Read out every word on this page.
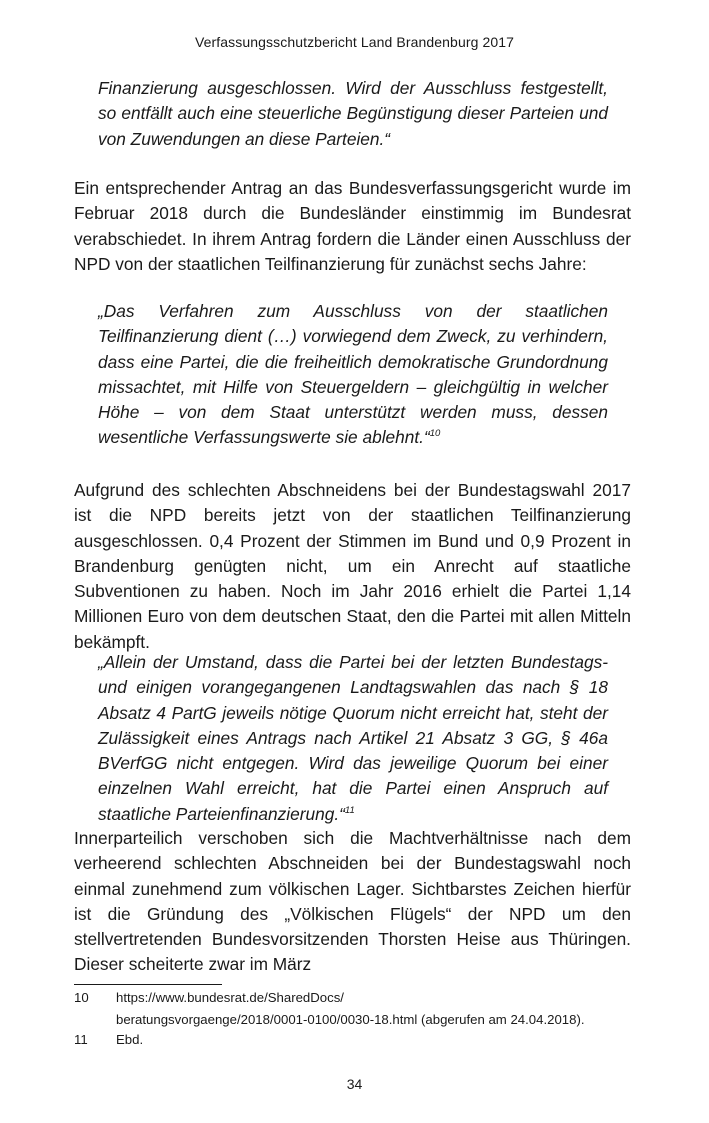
Verfassungsschutzbericht Land Brandenburg 2017

Finanzierung ausgeschlossen. Wird der Ausschluss festgestellt, so entfällt auch eine steuerliche Begünstigung dieser Parteien und von Zuwendungen an diese Parteien.“

Ein entsprechender Antrag an das Bundesverfassungsgericht wurde im Februar 2018 durch die Bundesländer einstimmig im Bundesrat verabschiedet. In ihrem Antrag fordern die Länder einen Ausschluss der NPD von der staatlichen Teilfinanzierung für zunächst sechs Jahre:

„Das Verfahren zum Ausschluss von der staatlichen Teilfinanzierung dient (…) vorwiegend dem Zweck, zu verhindern, dass eine Partei, die die freiheitlich demokratische Grundordnung missachtet, mit Hilfe von Steuergeldern – gleichgültig in welcher Höhe – von dem Staat unterstützt werden muss, dessen wesentliche Verfassungswerte sie ablehnt.“$^{10}$

Aufgrund des schlechten Abschneidens bei der Bundestagswahl 2017 ist die NPD bereits jetzt von der staatlichen Teilfinanzierung ausgeschlossen. 0,4 Prozent der Stimmen im Bund und 0,9 Prozent in Brandenburg genügten nicht, um ein Anrecht auf staatliche Subventionen zu haben. Noch im Jahr 2016 erhielt die Partei 1,14 Millionen Euro von dem deutschen Staat, den die Partei mit allen Mitteln bekämpft.

„Allein der Umstand, dass die Partei bei der letzten Bundestags- und einigen vorangegangenen Landtagswahlen das nach § 18 Absatz 4 PartG jeweils nötige Quorum nicht erreicht hat, steht der Zulässigkeit eines Antrags nach Artikel 21 Absatz 3 GG, § 46a BVerfGG nicht entgegen. Wird das jeweilige Quorum bei einer einzelnen Wahl erreicht, hat die Partei einen Anspruch auf staatliche Parteienfinanzierung.“$^{11}$

Innerparteilich verschoben sich die Machtverhältnisse nach dem verheerend schlechten Abschneiden bei der Bundestagswahl noch einmal zunehmend zum völkischen Lager. Sichtbarstes Zeichen hierfür ist die Gründung des „Völkischen Flügels“ der NPD um den stellvertretenden Bundesvorsitzenden Thorsten Heise aus Thüringen. Dieser scheiterte zwar im März

10 https://www.bundesrat.de/SharedDocs/
beratungsvorgaenge/2018/0001-0100/0030-18.html (abgerufen am 24.04.2018).
11 Ebd.
34
